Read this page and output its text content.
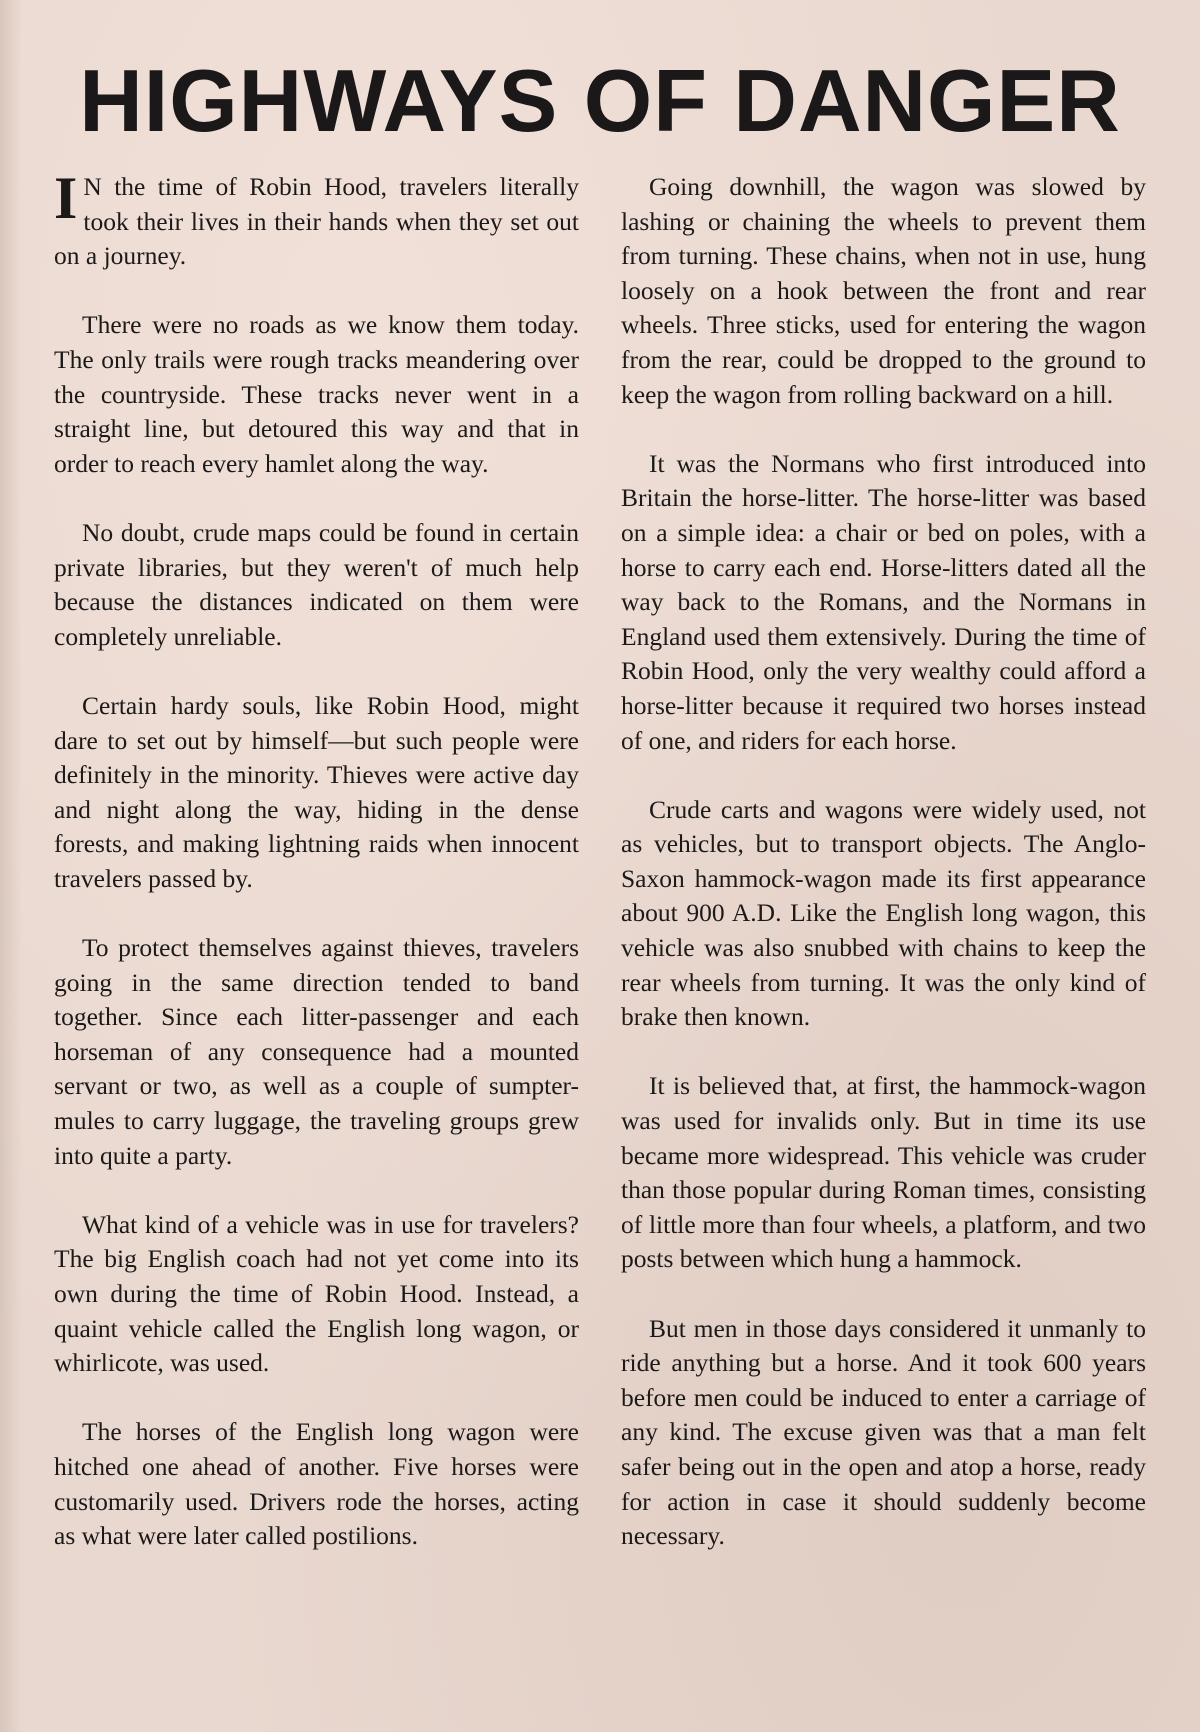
HIGHWAYS OF DANGER

I N the time of Robin Hood, travelers literally took their lives in their hands when they set out on a journey.

There were no roads as we know them today. The only trails were rough tracks meandering over the countryside. These tracks never went in a straight line, but detoured this way and that in order to reach every hamlet along the way.

No doubt, crude maps could be found in certain private libraries, but they weren't of much help because the distances indicated on them were completely unreliable.

Certain hardy souls, like Robin Hood, might dare to set out by himself—but such people were definitely in the minority. Thieves were active day and night along the way, hiding in the dense forests, and making lightning raids when innocent travelers passed by.

To protect themselves against thieves, travelers going in the same direction tended to band together. Since each litter-passenger and each horseman of any consequence had a mounted servant or two, as well as a couple of sumpter-mules to carry luggage, the traveling groups grew into quite a party.

What kind of a vehicle was in use for travelers? The big English coach had not yet come into its own during the time of Robin Hood. Instead, a quaint vehicle called the English long wagon, or whirlicote, was used.

The horses of the English long wagon were hitched one ahead of another. Five horses were customarily used. Drivers rode the horses, acting as what were later called postilions.

Going downhill, the wagon was slowed by lashing or chaining the wheels to prevent them from turning. These chains, when not in use, hung loosely on a hook between the front and rear wheels. Three sticks, used for entering the wagon from the rear, could be dropped to the ground to keep the wagon from rolling backward on a hill.

It was the Normans who first introduced into Britain the horse-litter. The horse-litter was based on a simple idea: a chair or bed on poles, with a horse to carry each end. Horse-litters dated all the way back to the Romans, and the Normans in England used them extensively. During the time of Robin Hood, only the very wealthy could afford a horse-litter because it required two horses instead of one, and riders for each horse.

Crude carts and wagons were widely used, not as vehicles, but to transport objects. The Anglo-Saxon hammock-wagon made its first appearance about 900 A.D. Like the English long wagon, this vehicle was also snubbed with chains to keep the rear wheels from turning. It was the only kind of brake then known.

It is believed that, at first, the hammock-wagon was used for invalids only. But in time its use became more widespread. This vehicle was cruder than those popular during Roman times, consisting of little more than four wheels, a platform, and two posts between which hung a hammock.

But men in those days considered it unmanly to ride anything but a horse. And it took 600 years before men could be induced to enter a carriage of any kind. The excuse given was that a man felt safer being out in the open and atop a horse, ready for action in case it should suddenly become necessary.
